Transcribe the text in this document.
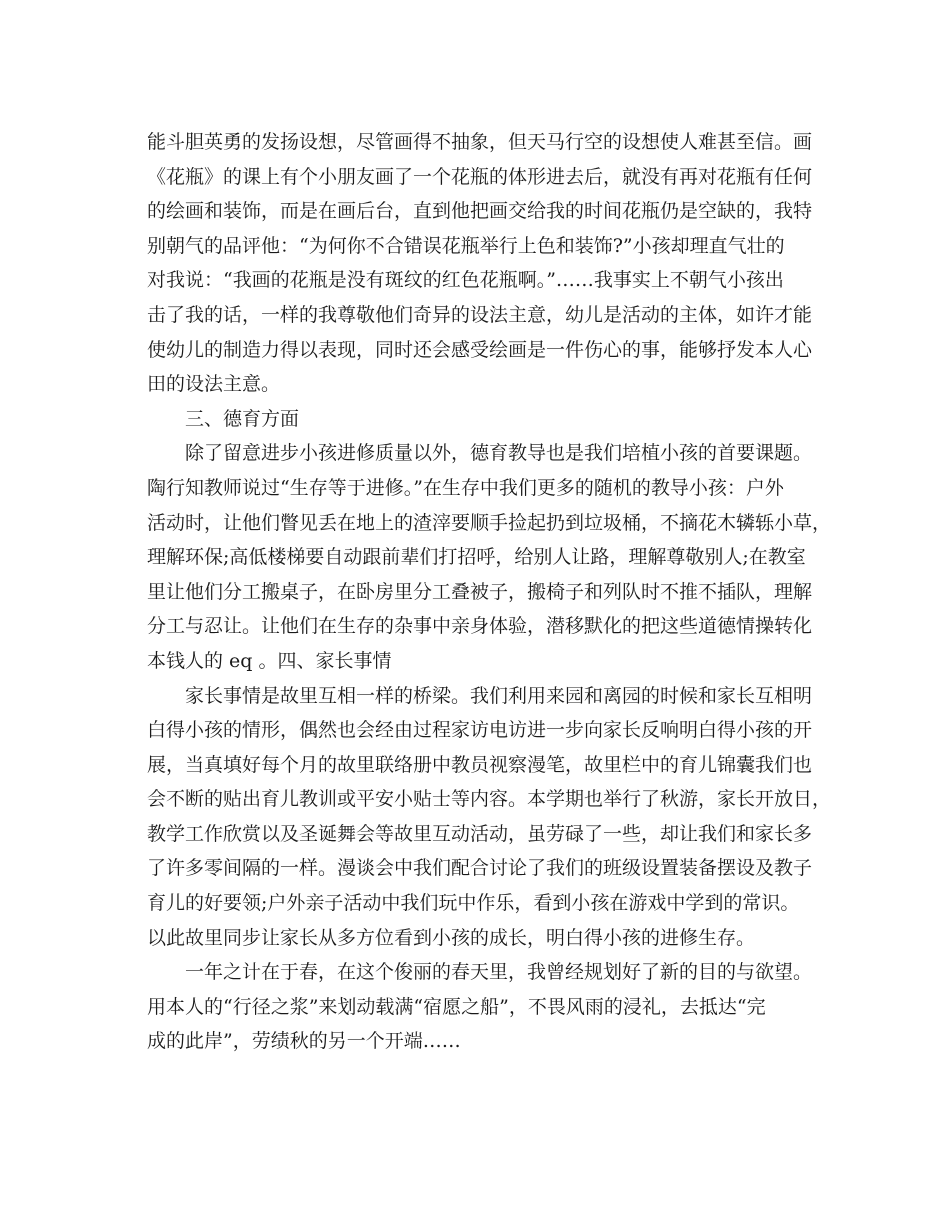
能斗胆英勇的发扬设想，尽管画得不抽象，但天马行空的设想使人难甚至信。画
《花瓶》的课上有个小朋友画了一个花瓶的体形进去后，就没有再对花瓶有任何
的绘画和装饰，而是在画后台，直到他把画交给我的时间花瓶仍是空缺的，我特
别朝气的品评他：“为何你不合错误花瓶举行上色和装饰?”小孩却理直气壮的
对我说：“我画的花瓶是没有斑纹的红色花瓶啊。”……我事实上不朝气小孩出
击了我的话，一样的我尊敬他们奇异的设法主意，幼儿是活动的主体，如许才能
使幼儿的制造力得以表现，同时还会感受绘画是一件伤心的事，能够抒发本人心
田的设法主意。
三、德育方面
除了留意进步小孩进修质量以外，德育教导也是我们培植小孩的首要课题。
陶行知教师说过“生存等于进修。”在生存中我们更多的随机的教导小孩：户外
活动时，让他们瞥见丢在地上的渣滓要顺手捡起扔到垃圾桶，不摘花木辚轹小草，
理解环保;高低楼梯要自动跟前辈们打招呼，给别人让路，理解尊敬别人;在教室
里让他们分工搬桌子，在卧房里分工叠被子，搬椅子和列队时不推不插队，理解
分工与忍让。让他们在生存的杂事中亲身体验，潜移默化的把这些道德情操转化
本钱人的 eq 。四、家长事情
家长事情是故里互相一样的桥梁。我们利用来园和离园的时候和家长互相明
白得小孩的情形，偶然也会经由过程家访电访进一步向家长反响明白得小孩的开
展，当真填好每个月的故里联络册中教员视察漫笔，故里栏中的育儿锦囊我们也
会不断的贴出育儿教训或平安小贴士等内容。本学期也举行了秋游，家长开放日，
教学工作欣赏以及圣诞舞会等故里互动活动，虽劳碌了一些，却让我们和家长多
了许多零间隔的一样。漫谈会中我们配合讨论了我们的班级设置装备摆设及教子
育儿的好要领;户外亲子活动中我们玩中作乐，看到小孩在游戏中学到的常识。
以此故里同步让家长从多方位看到小孩的成长，明白得小孩的进修生存。
一年之计在于春，在这个俊丽的春天里，我曾经规划好了新的目的与欲望。
用本人的“行径之浆”来划动载满“宿愿之船”，不畏风雨的浸礼，去抵达“完
成的此岸”，劳绩秋的另一个开端……
